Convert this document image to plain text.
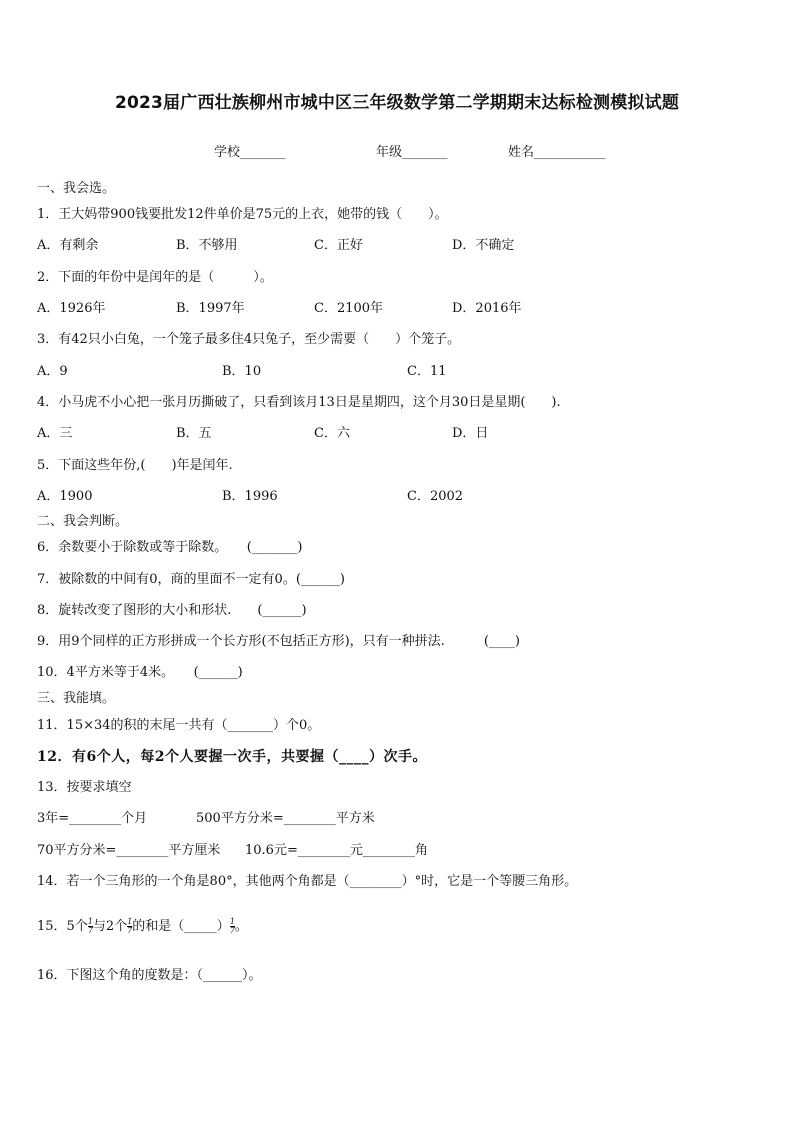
2023届广西壮族柳州市城中区三年级数学第二学期期末达标检测模拟试题
学校_______	年级_______	姓名___________
一、我会选。
1．王大妈带900钱要批发12件单价是75元的上衣，她带的钱（　　）。
A．有剩余	B．不够用	C．正好	D．不确定
2．下面的年份中是闰年的是（　　　）。
A．1926年	B．1997年	C．2100年	D．2016年
3．有42只小白兔，一个笼子最多住4只兔子，至少需要（　　）个笼子。
A．9	B．10	C．11
4．小马虎不小心把一张月历撕破了，只看到该月13日是星期四，这个月30日是星期(　　).
A．三	B．五	C．六	D．日
5．下面这些年份,(　　)年是闰年.
A．1900	B．1996	C．2002
二、我会判断。
6．余数要小于除数或等于除数。　　(_______)
7．被除数的中间有0，商的里面不一定有0。(______)
8．旋转改变了图形的大小和形状.　　(______)
9．用9个同样的正方形拼成一个长方形(不包括正方形)，只有一种拼法.　　　(____)
10．4平方米等于4米。　　(______)
三、我能填。
11．15×34的积的末尾一共有（_______）个0。
12．有6个人，每2个人要握一次手，共要握（____）次手。
13．按要求填空
3年=________个月	500平方分米=________平方米
70平方分米=________平方厘米 10.6元=________元________角
14．若一个三角形的一个角是80°，其他两个角都是（________）°时，它是一个等腰三角形。
15．5个 $\frac{1}{7}$ 与2个 $\frac{1}{7}$ 的和是（_____） $\frac{1}{7}$ 。
16．下图这个角的度数是：（______）。
